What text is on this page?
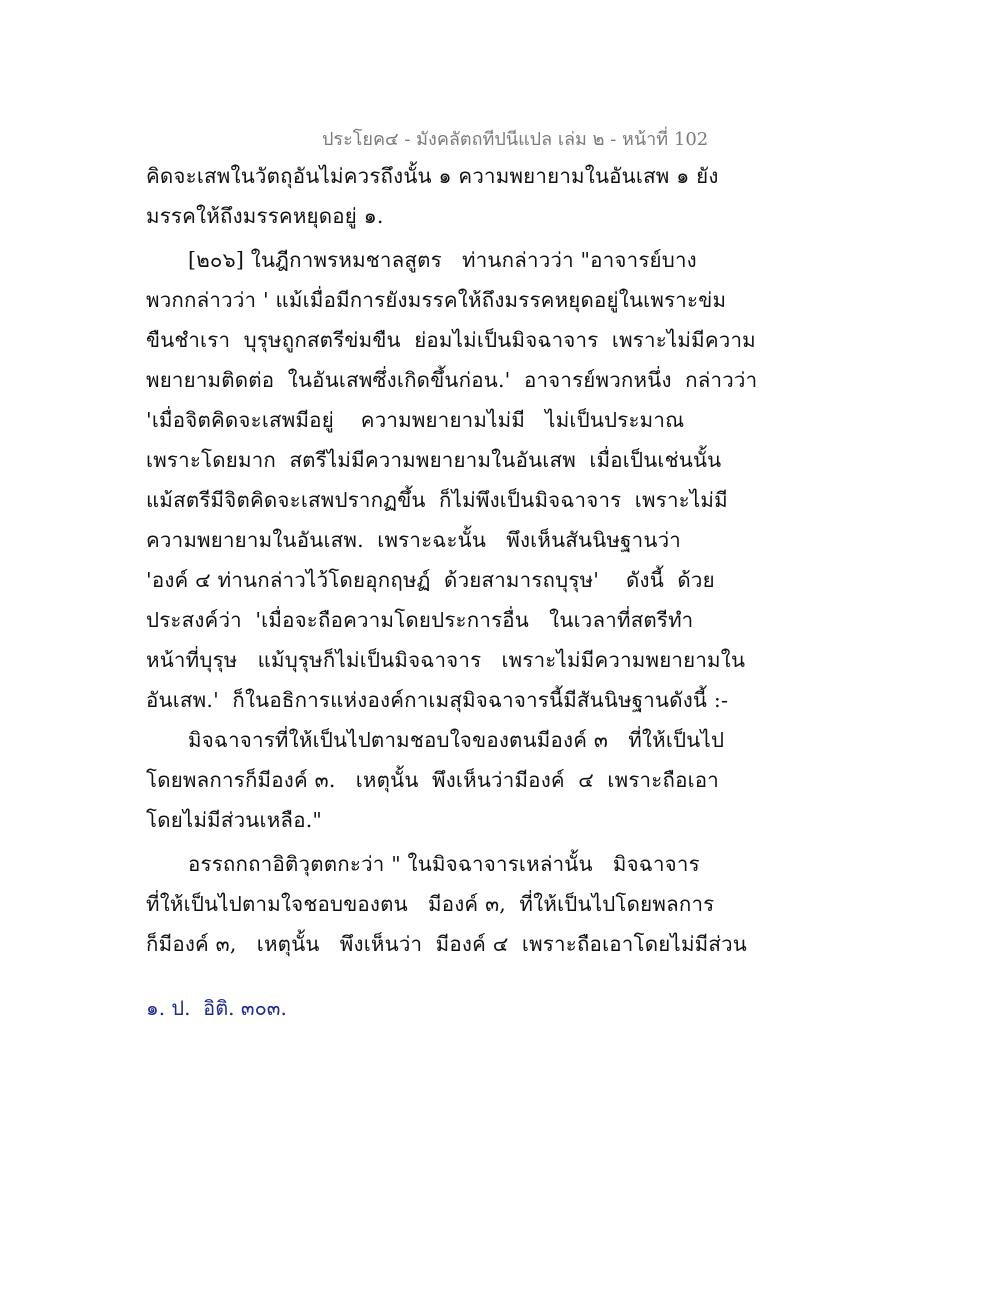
ประโยค๔ - มังคลัตถทีปนีแปล เล่ม ๒ - หน้าที่ 102
คิดจะเสพในวัตถุอันไม่ควรถึงนั้น ๑ ความพยายามในอันเสพ ๑ ยัง
มรรคให้ถึงมรรคหยุดอยู่ ๑.
[๒๐๖] ในฎีกาพรหมชาลสูตร   ท่านกล่าวว่า "อาจารย์บาง
พวกกล่าวว่า ' แม้เมื่อมีการยังมรรคให้ถึงมรรคหยุดอยู่ในเพราะข่ม
ขืนชำเรา  บุรุษถูกสตรีข่มขืน  ย่อมไม่เป็นมิจฉาจาร  เพราะไม่มีความ
พยายามติดต่อ  ในอันเสพซึ่งเกิดขึ้นก่อน.'  อาจารย์พวกหนึ่ง  กล่าวว่า
'เมื่อจิตคิดจะเสพมีอยู่    ความพยายามไม่มี   ไม่เป็นประมาณ
เพราะโดยมาก  สตรีไม่มีความพยายามในอันเสพ  เมื่อเป็นเช่นนั้น
แม้สตรีมีจิตคิดจะเสพปรากฏขึ้น  ก็ไม่พึงเป็นมิจฉาจาร  เพราะไม่มี
ความพยายามในอันเสพ.  เพราะฉะนั้น   พึงเห็นสันนิษฐานว่า
'องค์ ๔ ท่านกล่าวไว้โดยอุกฤษฏ์  ด้วยสามารถบุรุษ'    ดังนี้  ด้วย
ประสงค์ว่า  'เมื่อจะถือความโดยประการอื่น   ในเวลาที่สตรีทำ
หน้าที่บุรุษ   แม้บุรุษก็ไม่เป็นมิจฉาจาร   เพราะไม่มีความพยายามใน
อันเสพ.'  ก็ในอธิการแห่งองค์กาเมสุมิจฉาจารนี้มีสันนิษฐานดังนี้ :-
มิจฉาจารที่ให้เป็นไปตามชอบใจของตนมีองค์ ๓   ที่ให้เป็นไป
โดยพลการก็มีองค์ ๓.   เหตุนั้น  พึงเห็นว่ามีองค์  ๔  เพราะถือเอา
โดยไม่มีส่วนเหลือ."
อรรถกถาอิติวุตตกะว่า " ในมิจฉาจารเหล่านั้น   มิจฉาจาร
ที่ให้เป็นไปตามใจชอบของตน   มีองค์ ๓,  ที่ให้เป็นไปโดยพลการ
ก็มีองค์ ๓,   เหตุนั้น   พึงเห็นว่า  มีองค์ ๔  เพราะถือเอาโดยไม่มีส่วน
๑. ป.  อิติ. ๓๐๓.
